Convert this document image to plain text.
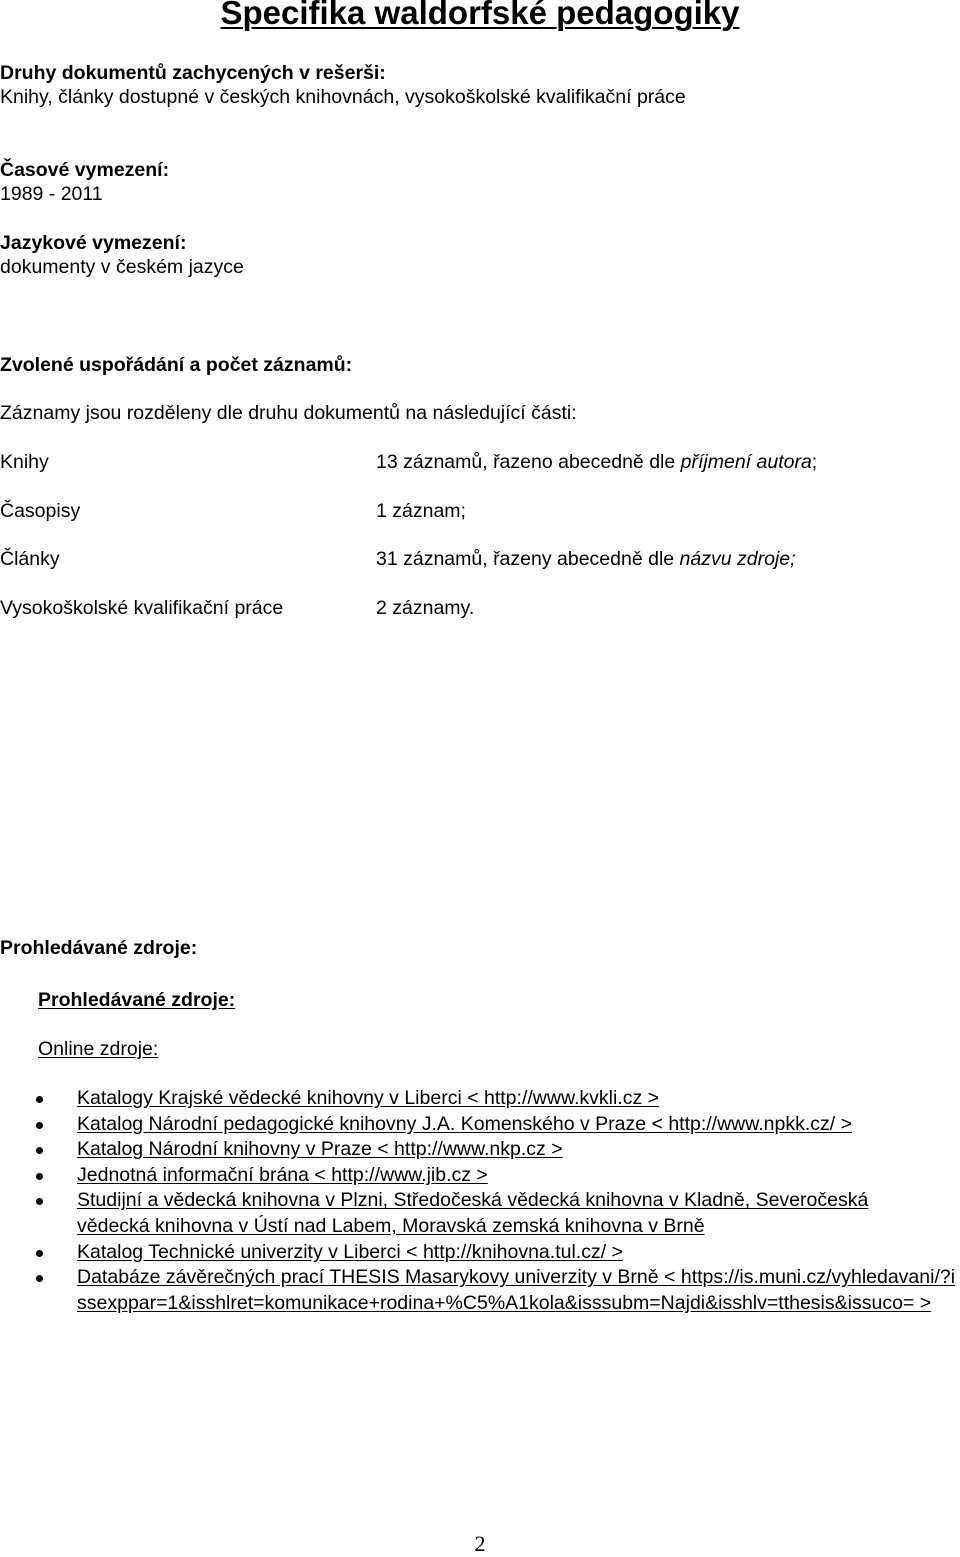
Specifika waldorfské pedagogiky
Druhy dokumentů zachycených v rešerši:
Knihy, články dostupné v českých knihovnách, vysokoškolské kvalifikační práce
Časové vymezení:
1989 - 2011
Jazykové vymezení:
dokumenty v českém jazyce
Zvolené uspořádání a počet záznamů:
Záznamy jsou rozděleny dle druhu dokumentů na následující části:
Knihy	13 záznamů, řazeno abecedně dle příjmení autora;
Časopisy	1 záznam;
Články	31 záznamů, řazeny abecedně dle názvu zdroje;
Vysokoškolské kvalifikační práce	2 záznamy.
Prohledávané zdroje:
Prohledávané zdroje:
Online zdroje:
Katalogy Krajské vědecké knihovny v Liberci < http://www.kvkli.cz >
Katalog Národní pedagogické knihovny J.A. Komenského v Praze < http://www.npkk.cz/ >
Katalog Národní knihovny v Praze < http://www.nkp.cz >
Jednotná informační brána < http://www.jib.cz >
Studijní a vědecká knihovna v Plzni, Středočeská vědecká knihovna v Kladně, Severočeská vědecká knihovna v Ústí nad Labem, Moravská zemská knihovna v Brně
Katalog Technické univerzity v Liberci < http://knihovna.tul.cz/ >
Databáze závěrečných prací THESIS Masarykovy univerzity v Brně < https://is.muni.cz/vyhledavani/?issexppar=1&isshlret=komunikace+rodina+%C5%A1kola&isssubm=Najdi&isshlv=tthesis&issuco= >
2
